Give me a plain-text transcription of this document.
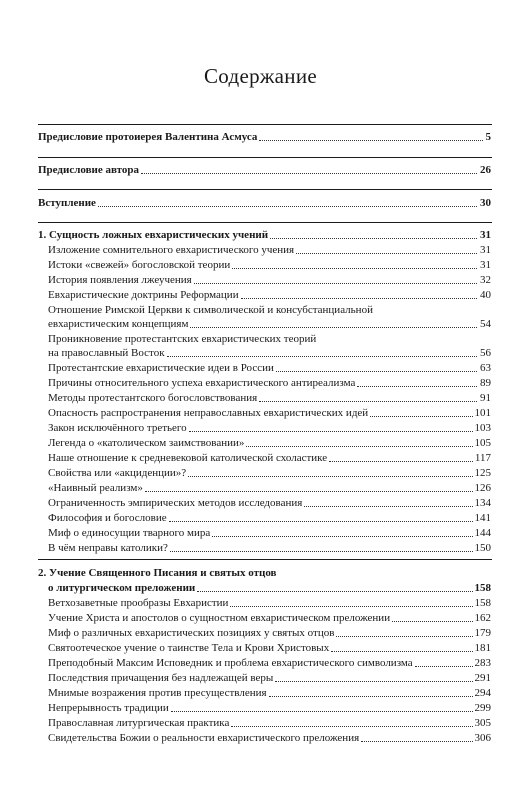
Содержание
Предисловие протоиерея Валентина Асмуса	5
Предисловие автора	26
Вступление	30
1. Сущность ложных евхаристических учений	31
Изложение сомнительного евхаристического учения	31
Истоки «свежей» богословской теории	31
История появления лжеучения	32
Евхаристические доктрины Реформации	40
Отношение Римской Церкви к символической и консубстанциальной
евхаристическим концепциям	54
Проникновение протестантских евхаристических теорий
на православный Восток	56
Протестантские евхаристические идеи в России	63
Причины относительного успеха евхаристического антиреализма	89
Методы протестантского богословствования	91
Опасность распространения неправославных евхаристических идей	101
Закон исключённого третьего	103
Легенда о «католическом заимствовании»	105
Наше отношение к средневековой католической схоластике	117
Свойства или «акциденции»?	125
«Наивный реализм»	126
Ограниченность эмпирических методов исследования	134
Философия и богословие	141
Миф о единосущии тварного мира	144
В чём неправы католики?	150
2. Учение Священного Писания и святых отцов
о литургическом преложении	158
Ветхозаветные прообразы Евхаристии	158
Учение Христа и апостолов о сущностном евхаристическом преложении	162
Миф о различных евхаристических позициях у святых отцов	179
Святоотеческое учение о таинстве Тела и Крови Христовых	181
Преподобный Максим Исповедник и проблема евхаристического символизма	283
Последствия причащения без надлежащей веры	291
Мнимые возражения против пресуществления	294
Непрерывность традиции	299
Православная литургическая практика	305
Свидетельства Божии о реальности евхаристического преложения	306
